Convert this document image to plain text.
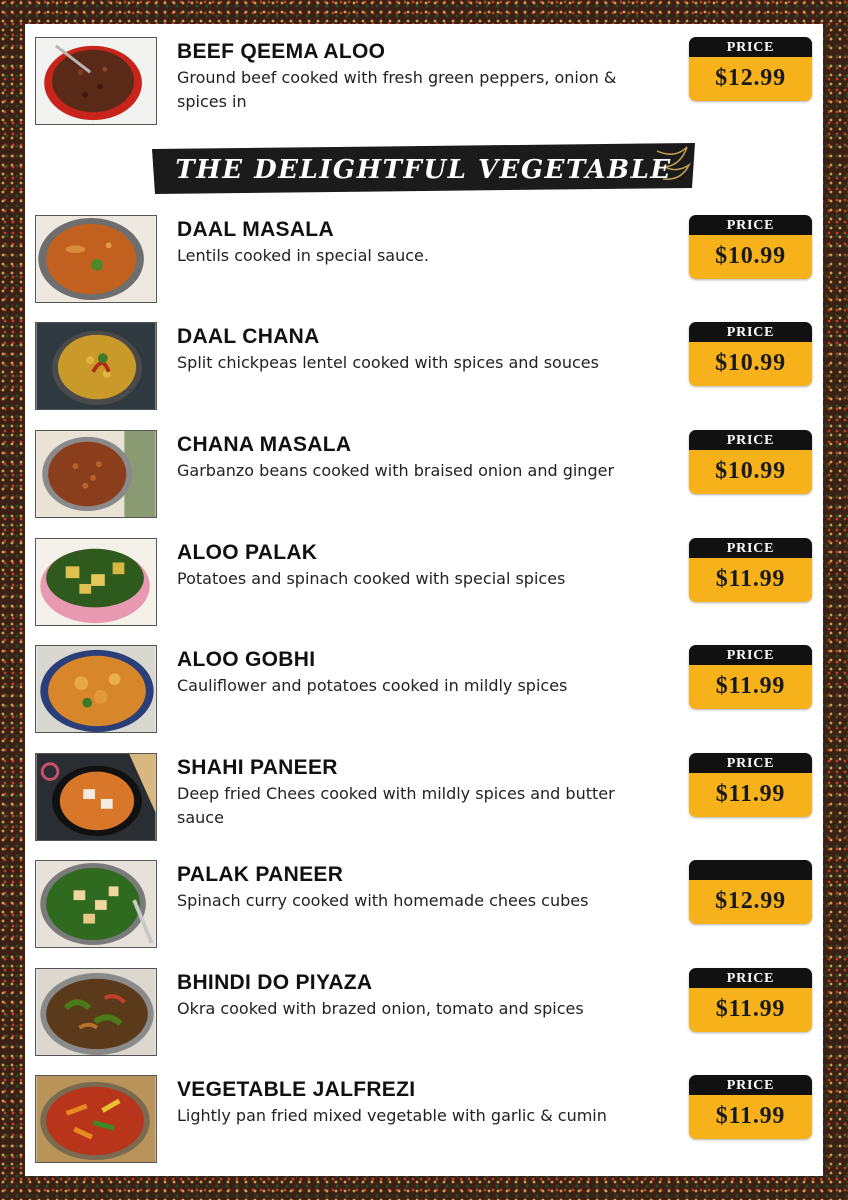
BEEF QEEMA ALOO
Ground beef cooked with fresh green peppers, onion & spices in
PRICE
$12.99
THE DELIGHTFUL VEGETABLE
DAAL MASALA
Lentils cooked in special sauce.
PRICE
$10.99
DAAL CHANA
Split chickpeas lentel cooked with spices and souces
PRICE
$10.99
CHANA MASALA
Garbanzo beans cooked with braised onion and ginger
PRICE
$10.99
ALOO PALAK
Potatoes and spinach cooked with special spices
PRICE
$11.99
ALOO GOBHI
Cauliflower and potatoes cooked in mildly spices
PRICE
$11.99
SHAHI PANEER
Deep fried Chees cooked with mildly spices and butter sauce
PRICE
$11.99
PALAK PANEER
Spinach curry cooked with homemade chees cubes	$12.99
BHINDI DO PIYAZA
Okra cooked with brazed onion, tomato and spices
PRICE
$11.99
VEGETABLE JALFREZI
Lightly pan fried mixed vegetable with garlic & cumin
PRICE
$11.99
